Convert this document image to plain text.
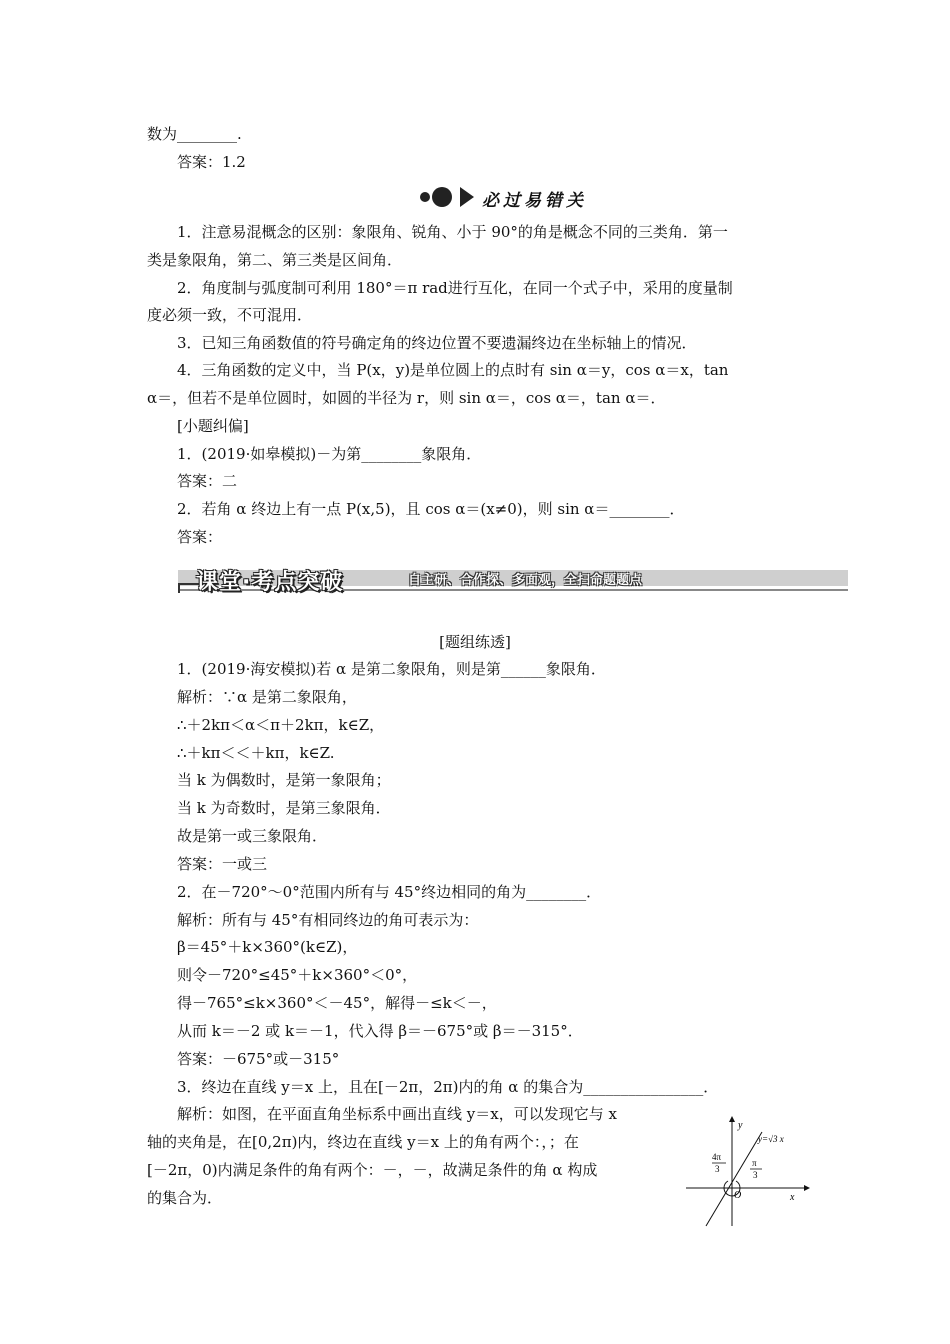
数为________.
答案：1.2
必过易错关
1．注意易混概念的区别：象限角、锐角、小于 90°的角是概念不同的三类角．第一
类是象限角，第二、第三类是区间角．
2．角度制与弧度制可利用 180°＝π rad进行互化，在同一个式子中，采用的度量制
度必须一致，不可混用．
3．已知三角函数值的符号确定角的终边位置不要遗漏终边在坐标轴上的情况．
4．三角函数的定义中，当 P(x，y)是单位圆上的点时有 sin α＝y，cos α＝x，tan
α＝，但若不是单位圆时，如圆的半径为 r，则 sin α＝，cos α＝，tan α＝．
[小题纠偏]
1．(2019·如皋模拟)－为第________象限角．
答案：二
2．若角 α 终边上有一点 P(x,5)，且 cos α＝(x≠0)，则 sin α＝________．
答案：
课堂·考点突破	自主研、合作探、多面观，全扫命题题点
[题组练透]
1．(2019·海安模拟)若 α 是第二象限角，则是第______象限角．
解析：∵α 是第二象限角，
∴＋2kπ＜α＜π＋2kπ，k∈Z，
∴＋kπ＜＜＋kπ，k∈Z.
当 k 为偶数时，是第一象限角；
当 k 为奇数时，是第三象限角．
故是第一或三象限角．
答案：一或三
2．在－720°～0°范围内所有与 45°终边相同的角为________．
解析：所有与 45°有相同终边的角可表示为：
β＝45°＋k×360°(k∈Z)，
则令－720°≤45°＋k×360°＜0°，
得－765°≤k×360°＜－45°，解得－≤k＜－，
从而 k＝－2 或 k＝－1，代入得 β＝－675°或 β＝－315°．
答案：－675°或－315°
3．终边在直线 y＝x 上，且在[－2π，2π)内的角 α 的集合为________________．
解析：如图，在平面直角坐标系中画出直线 y＝x，可以发现它与 x
轴的夹角是，在[0,2π)内，终边在直线 y＝x 上的角有两个：，；在
[－2π，0)内满足条件的角有两个：－，－，故满足条件的角 α 构成
的集合为．
y
x
O
y=√3 x
4π
3
π
3
